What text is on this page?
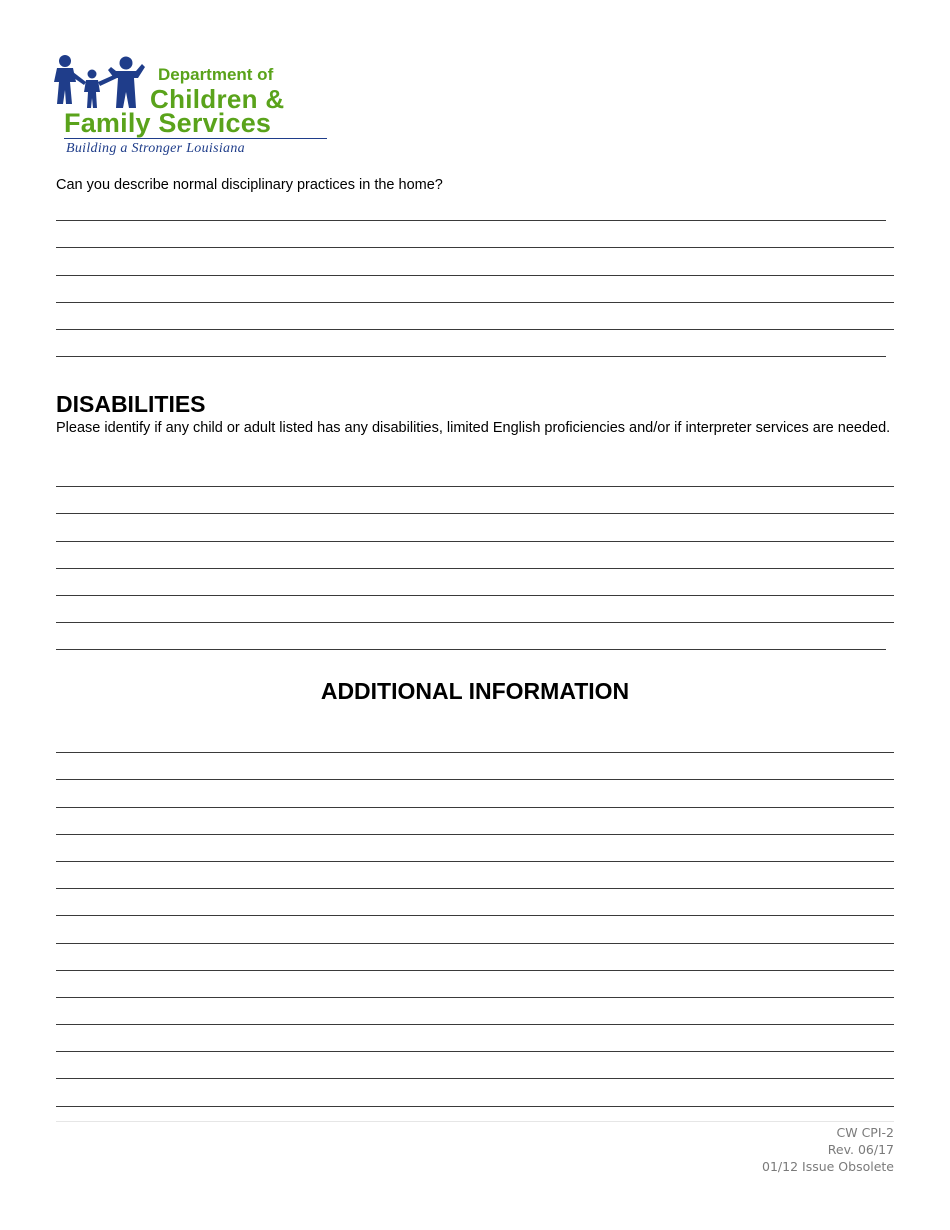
Department of
Children &
Family Services
Building a Stronger Louisiana
Can you describe normal disciplinary practices in the home?
DISABILITIES

Please identify if any child or adult listed has any disabilities, limited English proficiencies and/or if interpreter services are needed.

ADDITIONAL INFORMATION
CW CPI-2
Rev. 06/17
01/12 Issue Obsolete
